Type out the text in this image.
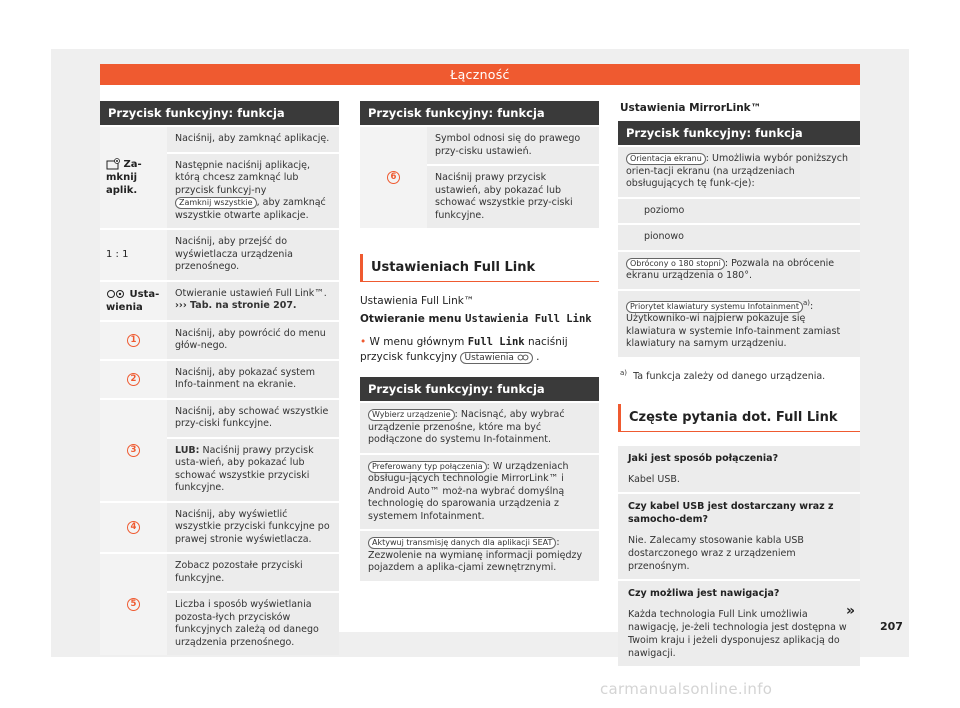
Łączność
Przycisk funkcyjny: funkcja
Za-mknij aplik.
Naciśnij, aby zamknąć aplikację.
Następnie naciśnij aplikację, którą chcesz zamknąć lub przycisk funkcyj-ny Zamknij wszystkie , aby zamknąć wszystkie otwarte aplikacje.
1 : 1
Naciśnij, aby przejść do wyświetlacza urządzenia przenośnego.
Usta-wienia
Otwieranie ustawień Full Link™.
››› Tab. na stronie 207.
1
Naciśnij, aby powrócić do menu głów-nego.
2
Naciśnij, aby pokazać system Info-tainment na ekranie.
3
Naciśnij, aby schować wszystkie przy-ciski funkcyjne.
LUB: Naciśnij prawy przycisk usta-wień, aby pokazać lub schować wszystkie przyciski funkcyjne.
4
Naciśnij, aby wyświetlić wszystkie przyciski funkcyjne po prawej stronie wyświetlacza.
5
Zobacz pozostałe przyciski funkcyjne.
Liczba i sposób wyświetlania pozosta-łych przycisków funkcyjnych zależą od danego urządzenia przenośnego.
Przycisk funkcyjny: funkcja
6
Symbol odnosi się do prawego przy-cisku ustawień.
Naciśnij prawy przycisk ustawień, aby pokazać lub schować wszystkie przy-ciski funkcyjne.
Ustawieniach Full Link
Ustawienia Full Link™
Otwieranie menu Ustawienia Full Link
• W menu głównym Full Link naciśnij przycisk funkcyjny Ustawienia  .
Przycisk funkcyjny: funkcja
Wybierz urządzenie : Nacisnąć, aby wybrać urządzenie przenośne, które ma być podłączone do systemu In-fotainment.
Preferowany typ połączenia : W urządzeniach obsługu-jących technologie MirrorLink™ i Android Auto™ moż-na wybrać domyślną technologię do sparowania urządzenia z systemem Infotainment.
Aktywuj transmisję danych dla aplikacji SEAT : Zezwolenie na wymianę informacji pomiędzy pojazdem a aplika-cjami zewnętrznymi.
Ustawienia MirrorLink™
Przycisk funkcyjny: funkcja
Orientacja ekranu : Umożliwia wybór poniższych orien-tacji ekranu (na urządzeniach obsługujących tę funk-cje):
poziomo
pionowo
Obrócony o 180 stopni : Pozwala na obrócenie ekranu urządzenia o 180°.
Priorytet klawiatury systemu Infotainment $^{a)}$: Użytkowniko-wi najpierw pokazuje się klawiatura w systemie Info-tainment zamiast klawiatury na samym urządzeniu.
$^{a)}$ Ta funkcja zależy od danego urządzenia.
Częste pytania dot. Full Link
Jaki jest sposób połączenia?
Kabel USB.
Czy kabel USB jest dostarczany wraz z samocho-dem?
Nie. Zalecamy stosowanie kabla USB dostarczonego wraz z urządzeniem przenośnym.
Czy możliwa jest nawigacja?
Każda technologia Full Link umożliwia nawigację, je-żeli technologia jest dostępna w Twoim kraju i jeżeli dysponujesz aplikacją do nawigacji.
»
207
carmanualsonline.info
